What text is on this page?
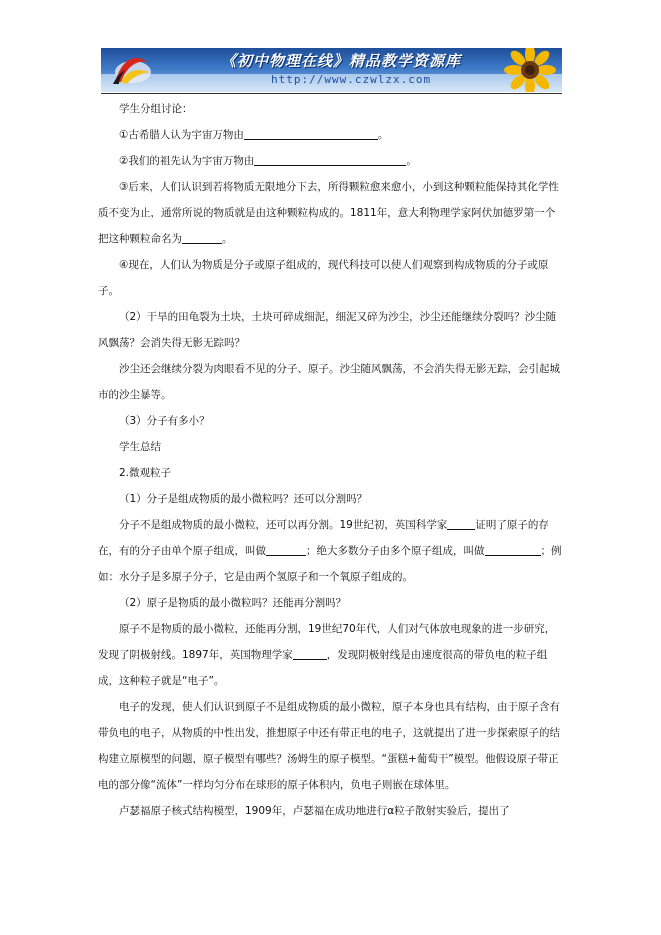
《初中物理在线》精品教学资源库
http://www.czwlzx.com

学生分组讨论：

①古希腊人认为宇宙万物由	。

②我们的祖先认为宇宙万物由	。

③后来，人们认识到若将物质无限地分下去，所得颗粒愈来愈小，小到这种颗粒能保持其化学性质不变为止，通常所说的物质就是由这种颗粒构成的。1811年，意大利物理学家阿伏加德罗第一个把这种颗粒命名为	。

④现在，人们认为物质是分子或原子组成的，现代科技可以使人们观察到构成物质的分子或原子。

（2）干旱的田龟裂为土块，土块可碎成细泥，细泥又碎为沙尘，沙尘还能继续分裂吗？沙尘随风飘荡？会消失得无影无踪吗？

沙尘还会继续分裂为肉眼看不见的分子、原子。沙尘随风飘荡，不会消失得无影无踪，会引起城市的沙尘暴等。

（3）分子有多小？

学生总结

2.微观粒子

（1）分子是组成物质的最小微粒吗？还可以分割吗？

分子不是组成物质的最小微粒，还可以再分割。19世纪初，英国科学家	证明了原子的存在，有的分子由单个原子组成，叫做	；绝大多数分子由多个原子组成，叫做	；例如：水分子是多原子分子，它是由两个氢原子和一个氧原子组成的。

（2）原子是物质的最小微粒吗？还能再分割吗？

原子不是物质的最小微粒，还能再分割，19世纪70年代，人们对气体放电现象的进一步研究，发现了阴极射线。1897年，英国物理学家	，发现阴极射线是由速度很高的带负电的粒子组成，这种粒子就是“电子”。

电子的发现，使人们认识到原子不是组成物质的最小微粒，原子本身也具有结构，由于原子含有带负电的电子，从物质的中性出发，推想原子中还有带正电的电子，这就提出了进一步探索原子的结构建立原模型的问题，原子模型有哪些？汤姆生的原子模型。“蛋糕+葡萄干”模型。他假设原子带正电的部分像“流体”一样均匀分布在球形的原子体积内，负电子则嵌在球体里。

卢瑟福原子核式结构模型，1909年，卢瑟福在成功地进行α粒子散射实验后，提出了
